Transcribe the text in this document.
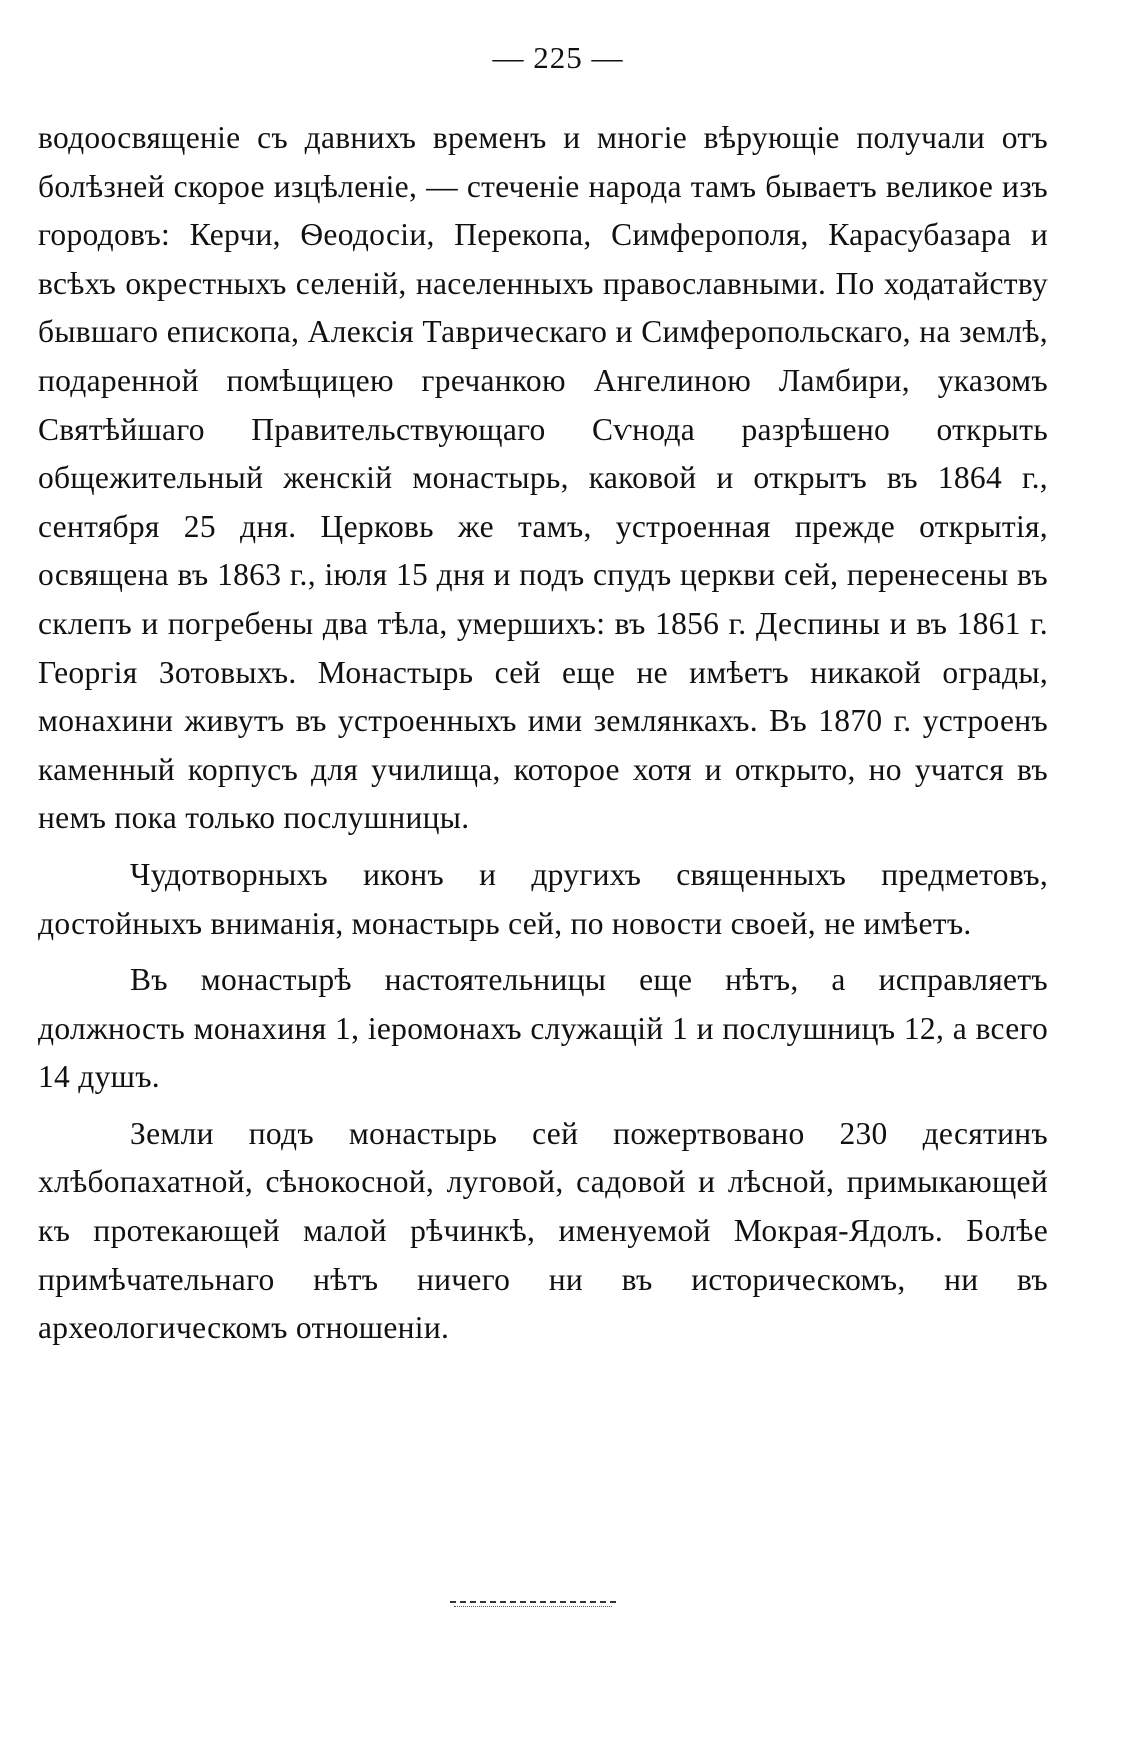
— 225 —

водоосвященіе съ давнихъ временъ и многіе вѣрующіе получали отъ болѣзней скорое изцѣленіе, — стеченіе народа тамъ бываетъ великое изъ городовъ: Керчи, Ѳеодосіи, Перекопа, Симферополя, Карасубазара и всѣхъ окрестныхъ селеній, населенныхъ православными. По ходатайству бывшаго епископа, Алексія Таврическаго и Симферопольскаго, на землѣ, подаренной помѣщицею гречанкою Ангелиною Ламбири, указомъ Святѣйшаго Правительствующаго Сѵнода разрѣшено открыть общежительный женскій монастырь, каковой и открытъ въ 1864 г., сентября 25 дня. Церковь же тамъ, устроенная прежде открытія, освящена въ 1863 г., іюля 15 дня и подъ спудъ церкви сей, перенесены въ склепъ и погребены два тѣла, умершихъ: въ 1856 г. Деспины и въ 1861 г. Георгія Зотовыхъ. Монастырь сей еще не имѣетъ никакой ограды, монахини живутъ въ устроенныхъ ими землянкахъ. Въ 1870 г. устроенъ каменный корпусъ для училища, которое хотя и открыто, но учатся въ немъ пока только послушницы.

Чудотворныхъ иконъ и другихъ священныхъ предметовъ, достойныхъ вниманія, монастырь сей, по новости своей, не имѣетъ.

Въ монастырѣ настоятельницы еще нѣтъ, а исправляетъ должность монахиня 1, іеромонахъ служащій 1 и послушницъ 12, а всего 14 душъ.

Земли подъ монастырь сей пожертвовано 230 десятинъ хлѣбопахатной, сѣнокосной, луговой, садовой и лѣсной, примыкающей къ протекающей малой рѣчинкѣ, именуемой Мокрая-Ядолъ. Болѣе примѣчательнаго нѣтъ ничего ни въ историческомъ, ни въ археологическомъ отношеніи.
